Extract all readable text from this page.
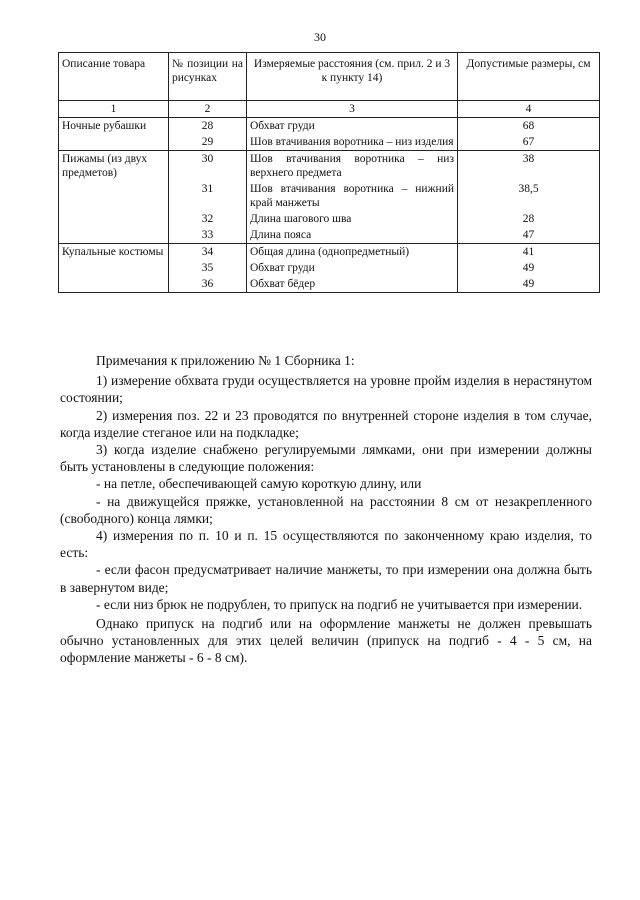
30
Описание товара	№ позиции на рисунках	Измеряемые расстояния (см. прил. 2 и 3 к пункту 14)	Допустимые размеры, см
1	2	3	4
Ночные рубашки	28	Обхват груди	68
	29	Шов втачивания воротника – низ изделия	67
Пижамы (из двух предметов)	30	Шов втачивания воротника – низ верхнего предмета	38
	31	Шов втачивания воротника – нижний край манжеты	38,5
	32	Длина шагового шва	28
	33	Длина пояса	47
Купальные костюмы	34	Общая длина (однопредметный)	41
	35	Обхват груди	49
	36	Обхват бёдер	49

Примечания к приложению № 1 Сборника 1:

1) измерение обхвата груди осуществляется на уровне пройм изделия в нерастянутом состоянии;

2) измерения поз. 22 и 23 проводятся по внутренней стороне изделия в том случае, когда изделие стеганое или на подкладке;

3) когда изделие снабжено регулируемыми лямками, они при измерении должны быть установлены в следующие положения:

- на петле, обеспечивающей самую короткую длину, или

- на движущейся пряжке, установленной на расстоянии 8 см от незакрепленного (свободного) конца лямки;

4) измерения по п. 10 и п. 15 осуществляются по законченному краю изделия, то есть:

- если фасон предусматривает наличие манжеты, то при измерении она должна быть в завернутом виде;

- если низ брюк не подрублен, то припуск на подгиб не учитывается при измерении.

Однако припуск на подгиб или на оформление манжеты не должен превышать обычно установленных для этих целей величин (припуск на подгиб - 4 - 5 см, на оформление манжеты - 6 - 8 см).
